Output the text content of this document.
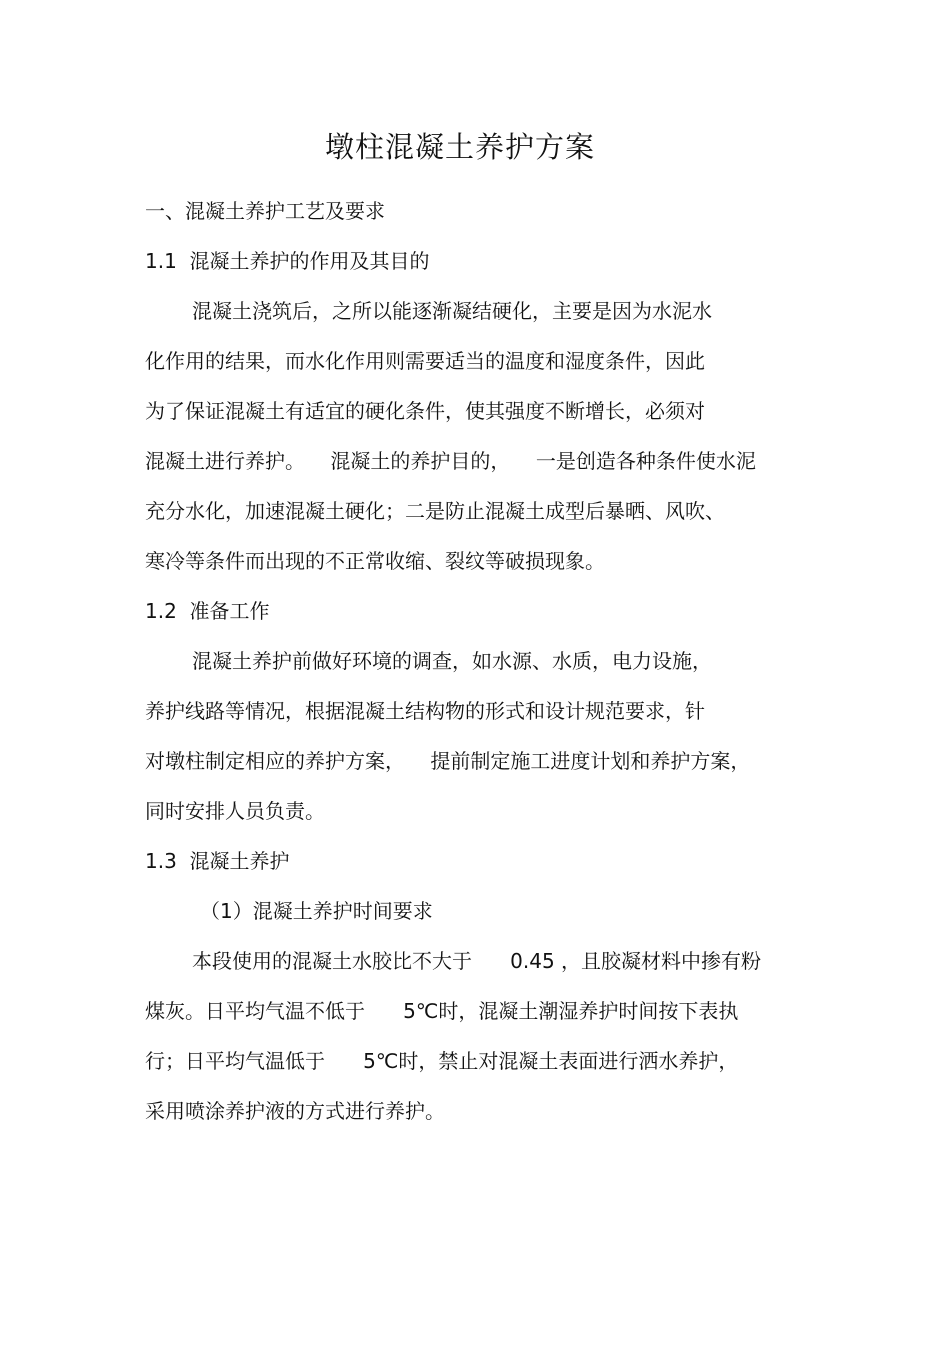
墩柱混凝土养护方案
一、混凝土养护工艺及要求
1.1  混凝土养护的作用及其目的
混凝土浇筑后，之所以能逐渐凝结硬化，主要是因为水泥水
化作用的结果，而水化作用则需要适当的温度和湿度条件，因此
为了保证混凝土有适宜的硬化条件，使其强度不断增长，必须对
混凝土进行养护。    混凝土的养护目的，    一是创造各种条件使水泥
充分水化，加速混凝土硬化；二是防止混凝土成型后暴晒、风吹、
寒冷等条件而出现的不正常收缩、裂纹等破损现象。
1.2  准备工作
混凝土养护前做好环境的调查，如水源、水质，电力设施，
养护线路等情况，根据混凝土结构物的形式和设计规范要求，针
对墩柱制定相应的养护方案，    提前制定施工进度计划和养护方案，
同时安排人员负责。
1.3  混凝土养护
（1）混凝土养护时间要求
本段使用的混凝土水胶比不大于      0.45 ，且胶凝材料中掺有粉
煤灰。日平均气温不低于      5℃时，混凝土潮湿养护时间按下表执
行；日平均气温低于      5℃时，禁止对混凝土表面进行洒水养护，
采用喷涂养护液的方式进行养护。
